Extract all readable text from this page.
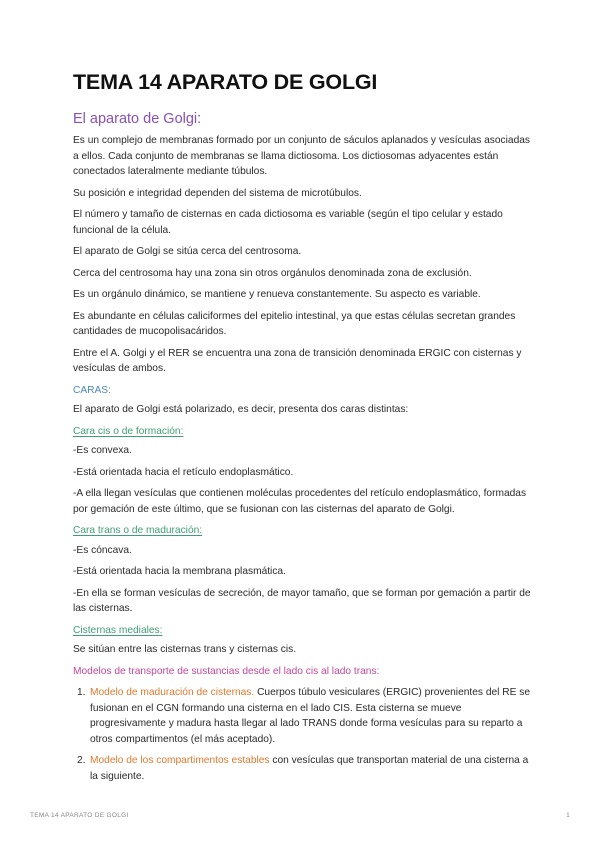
TEMA 14 APARATO DE GOLGI
El aparato de Golgi:

Es un complejo de membranas formado por un conjunto de sáculos aplanados y vesículas asociadas a ellos. Cada conjunto de membranas se llama dictiosoma. Los dictiosomas adyacentes están conectados lateralmente mediante túbulos.

Su posición e integridad dependen del sistema de microtúbulos.

El número y tamaño de cisternas en cada dictiosoma es variable (según el tipo celular y estado funcional de la célula.

El aparato de Golgi se sitúa cerca del centrosoma.

Cerca del centrosoma hay una zona sin otros orgánulos denominada zona de exclusión.

Es un orgánulo dinámico, se mantiene y renueva constantemente. Su aspecto es variable.

Es abundante en células caliciformes del epitelio intestinal, ya que estas células secretan grandes cantidades de mucopolisacáridos.

Entre el A. Golgi y el RER se encuentra una zona de transición denominada ERGIC con cisternas y vesículas de ambos.

CARAS:

El aparato de Golgi está polarizado, es decir, presenta dos caras distintas:

Cara cis o de formación:

-Es convexa.

-Está orientada hacia el retículo endoplasmático.

-A ella llegan vesículas que contienen moléculas procedentes del retículo endoplasmático, formadas por gemación de este último, que se fusionan con las cisternas del aparato de Golgi.

Cara trans o de maduración:

-Es cóncava.

-Está orientada hacia la membrana plasmática.

-En ella se forman vesículas de secreción, de mayor tamaño, que se forman por gemación a partir de las cisternas.

Cisternas mediales:

Se sitúan entre las cisternas trans y cisternas cis.

Modelos de transporte de sustancias desde el lado cis al lado trans:

1. Modelo de maduración de cisternas. Cuerpos túbulo vesiculares (ERGIC) provenientes del RE se fusionan en el CGN formando una cisterna en el lado CIS. Esta cisterna se mueve progresivamente y madura hasta llegar al lado TRANS donde forma vesículas para su reparto a otros compartimentos (el más aceptado).
2. Modelo de los compartimentos estables con vesículas que transportan material de una cisterna a la siguiente.
TEMA 14 APARATO DE GOLGI	1
